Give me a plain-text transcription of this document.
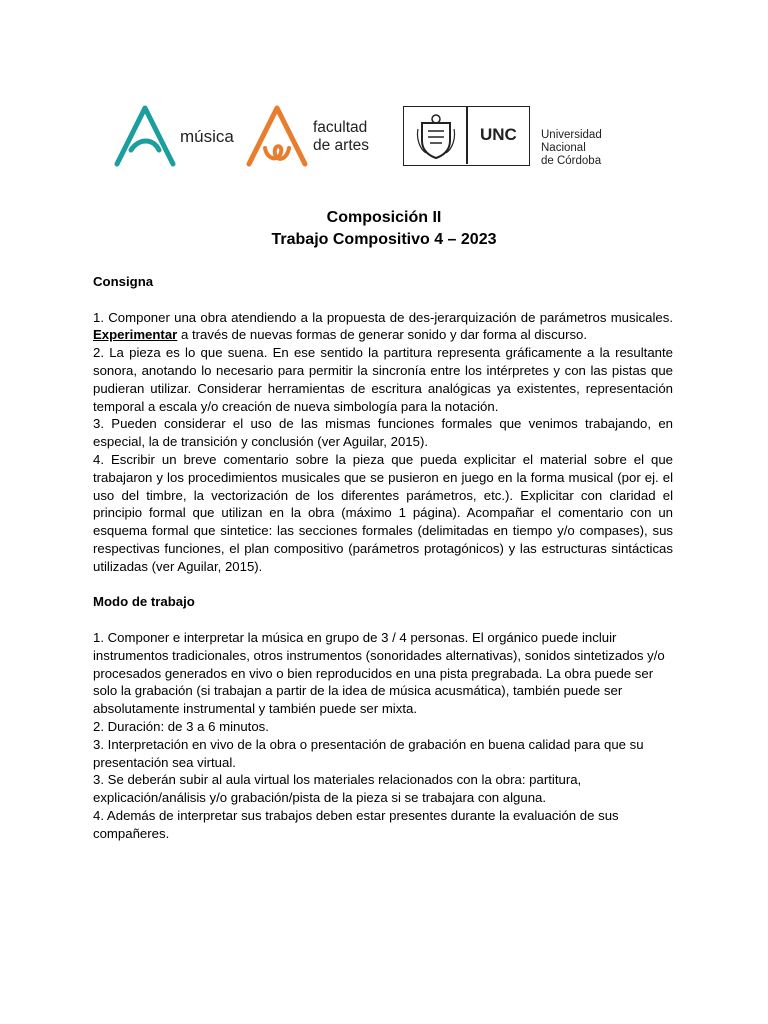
música	facultad
de artes
UNC Universidad
Nacional
de Córdoba
Composición II
Trabajo Compositivo 4 – 2023
Consigna

1. Componer una obra atendiendo a la propuesta de des-jerarquización de parámetros musicales. Experimentar a través de nuevas formas de generar sonido y dar forma al discurso.

2. La pieza es lo que suena. En ese sentido la partitura representa gráficamente a la resultante sonora, anotando lo necesario para permitir la sincronía entre los intérpretes y con las pistas que pudieran utilizar. Considerar herramientas de escritura analógicas ya existentes, representación temporal a escala y/o creación de nueva simbología para la notación.

3. Pueden considerar el uso de las mismas funciones formales que venimos trabajando, en especial, la de transición y conclusión (ver Aguilar, 2015).

4. Escribir un breve comentario sobre la pieza que pueda explicitar el material sobre el que trabajaron y los procedimientos musicales que se pusieron en juego en la forma musical (por ej. el uso del timbre, la vectorización de los diferentes parámetros, etc.). Explicitar con claridad el principio formal que utilizan en la obra (máximo 1 página). Acompañar el comentario con un esquema formal que sintetice: las secciones formales (delimitadas en tiempo y/o compases), sus respectivas funciones, el plan compositivo (parámetros protagónicos) y las estructuras sintácticas utilizadas (ver Aguilar, 2015).

Modo de trabajo

1. Componer e interpretar la música en grupo de 3 / 4 personas. El orgánico puede incluir instrumentos tradicionales, otros instrumentos (sonoridades alternativas), sonidos sintetizados y/o procesados generados en vivo o bien reproducidos en una pista pregrabada. La obra puede ser solo la grabación (si trabajan a partir de la idea de música acusmática), también puede ser absolutamente instrumental y también puede ser mixta.

2. Duración: de 3 a 6 minutos.

3. Interpretación en vivo de la obra o presentación de grabación en buena calidad para que su presentación sea virtual.

3. Se deberán subir al aula virtual los materiales relacionados con la obra: partitura, explicación/análisis y/o grabación/pista de la pieza si se trabajara con alguna.

4. Además de interpretar sus trabajos deben estar presentes durante la evaluación de sus compañeres.
